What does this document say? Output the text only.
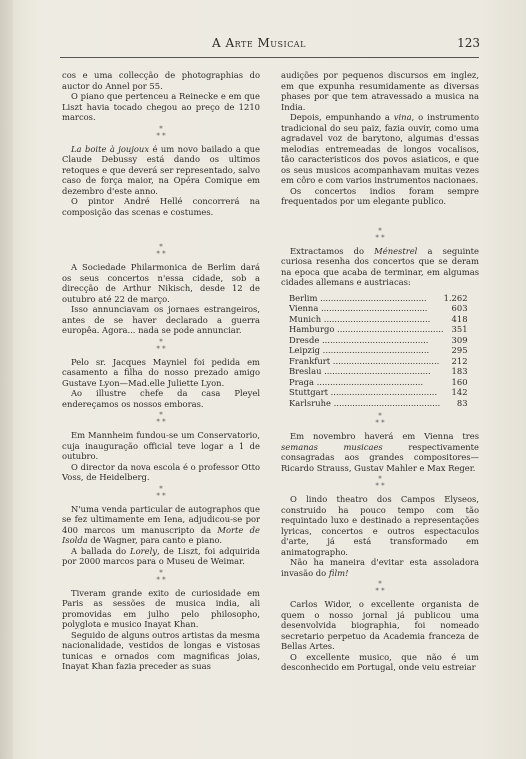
A Arte Musical	123

cos e uma collecção de photographias do auctor do Annel por 55.

O piano que pertenceu a Reinecke e em que Liszt havia tocado chegou ao preço de 1210 marcos.

*
* *

La boite à joujoux é um novo bailado a que Claude Debussy está dando os ultimos retoques e que deverá ser representado, salvo caso de força maior, na Opéra Comique em dezembro d'este anno.

O pintor André Hellé concorrerá na composição das scenas e costumes.

*
* *

A Sociedade Philarmonica de Berlim dará os seus concertos n'essa cidade, sob a direcção de Arthur Nikisch, desde 12 de outubro até 22 de março.

Isso annunciavam os jornaes estrangeiros, antes de se haver declarado a guerra europêa. Agora... nada se pode annunciar.

*
* *

Pelo sr. Jacques Mayniel foi pedida em casamento a filha do nosso prezado amigo Gustave Lyon—Mad.elle Juliette Lyon.

Ao illustre chefe da casa Pleyel endereçamos os nossos emboras.

*
* *

Em Mannheim fundou-se um Conservatorio, cuja inauguração official teve logar a 1 de outubro.

O director da nova escola é o professor Otto Voss, de Heidelberg.

*
* *

N'uma venda particular de autographos que se fez ultimamente em Iena, adjudicou-se por 400 marcos um manuscripto da Morte de Isolda de Wagner, para canto e piano.

A ballada do Lorely, de Liszt, foi adquirida por 2000 marcos para o Museu de Weimar.

*
* *

Tiveram grande exito de curiosidade em Paris as sessões de musica india, ali promovidas em julho pelo philosopho, polyglota e musico Inayat Khan.

Seguido de alguns outros artistas da mesma nacionalidade, vestidos de longas e vistosas tunicas e ornados com magnificas joias, Inayat Khan fazia preceder as suas

audições por pequenos discursos em inglez, em que expunha resumidamente as diversas phases por que tem atravessado a musica na India.

Depois, empunhando a vina, o instrumento tradicional do seu paiz, fazia ouvir, como uma agradavel voz de barytono, algumas d'essas melodias entremeadas de longos vocalisos, tão caracteristicos dos povos asiaticos, e que os seus musicos acompanhavam muitas vezes em côro e com varios instrumentos nacionaes.

Os concertos indios foram sempre frequentados por um elegante publico.

*
* *

Extractamos do Ménestrel a seguinte curiosa resenha dos concertos que se deram na epoca que acaba de terminar, em algumas cidades allemans e austriacas:

Berlim ........................................	1.262
Vienna ........................................	603
Munich ........................................	418
Hamburgo ........................................	351
Dresde ........................................	309
Leipzig ........................................	295
Frankfurt ........................................	212
Breslau ........................................	183
Praga ........................................	160
Stuttgart ........................................	142
Karlsruhe ........................................	83
*
* *

Em novembro haverá em Vienna tres semanas musicaes respectivamente consagradas aos grandes compositores—Ricardo Strauss, Gustav Mahler e Max Reger.

*
* *

O lindo theatro dos Campos Elyseos, construido ha pouco tempo com tão requintado luxo e destinado a representações lyricas, concertos e outros espectaculos d'arte, já está transformado em animatographo.

Não ha maneira d'evitar esta assoladora invasão do film!

*
* *

Carlos Widor, o excellente organista de quem o nosso jornal já publicou uma desenvolvida biographia, foi nomeado secretario perpetuo da Academia franceza de Bellas Artes.

O excellente musico, que não é um desconhecido em Portugal, onde veiu estreiar
